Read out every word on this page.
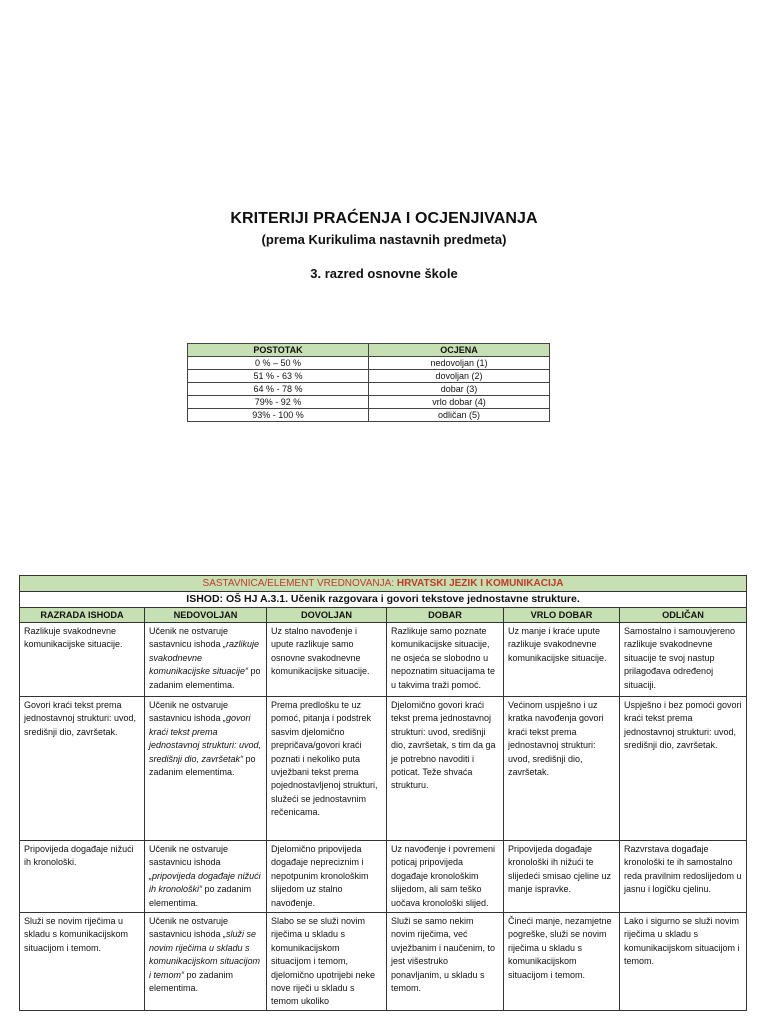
KRITERIJI PRAĆENJA I OCJENJIVANJA
(prema Kurikulima nastavnih predmeta)
3. razred osnovne škole
POSTOTAK	OCJENA
0 % – 50 %	nedovoljan (1)
51 % - 63 %	dovoljan (2)
64 % - 78 %	dobar (3)
79% - 92 %	vrlo dobar (4)
93% - 100 %	odličan (5)
SASTAVNICA/ELEMENT VREDNOVANJA: HRVATSKI JEZIK I KOMUNIKACIJA					
ISHOD: OŠ HJ A.3.1. Učenik razgovara i govori tekstove jednostavne strukture.					
RAZRADA ISHODA	NEDOVOLJAN	DOVOLJAN	DOBAR	VRLO DOBAR	ODLIČAN
Razlikuje svakodnevne komunikacijske situacije.	Učenik ne ostvaruje sastavnicu ishoda „razlikuje svakodnevne komunikacijske situacije“ po zadanim elementima.	Uz stalno navođenje i upute razlikuje samo osnovne svakodnevne komunikacijske situacije.	Razlikuje samo poznate komunikacijske situacije, ne osjeća se slobodno u nepoznatim situacijama te u takvima traži pomoć.	Uz manje i kraće upute razlikuje svakodnevne komunikacijske situacije.	Samostalno i samouvjereno razlikuje svakodnevne situacije te svoj nastup prilagođava određenoj situaciji.
Govori kraći tekst prema jednostavnoj strukturi: uvod, središnji dio, završetak.	Učenik ne ostvaruje sastavnicu ishoda „govori kraći tekst prema jednostavnoj strukturi: uvod, središnji dio, završetak“ po zadanim elementima.	Prema predlošku te uz pomoć, pitanja i podstrek sasvim djelomično prepričava/govori kraći poznati i nekoliko puta uvježbani tekst prema pojednostavljenoj strukturi, služeći se jednostavnim rečenicama.	Djelomično govori kraći tekst prema jednostavnoj strukturi: uvod, središnji dio, završetak, s tim da ga je potrebno navoditi i poticat. Teže shvaća strukturu.	Većinom uspješno i uz kratka navođenja govori kraći tekst prema jednostavnoj strukturi: uvod, središnji dio, završetak.	Uspješno i bez pomoći govori kraći tekst prema jednostavnoj strukturi: uvod, središnji dio, završetak.
Pripovijeda događaje nižući ih kronološki.	Učenik ne ostvaruje sastavnicu ishoda „pripovijeda događaje nižući ih kronološki“ po zadanim elementima.	Djelomično pripovijeda događaje nepreciznim i nepotpunim kronološkim slijedom uz stalno navođenje.	Uz navođenje i povremeni poticaj pripovijeda događaje kronološkim slijedom, ali sam teško uočava kronološki slijed.	Pripovijeda događaje kronološki ih nižući te slijedeći smisao cjeline uz manje ispravke.	Razvrstava događaje kronološki te ih samostalno reda pravilnim redoslijedom u jasnu i logičku cjelinu.
Služi se novim riječima u skladu s komunikacijskom situacijom i temom.	Učenik ne ostvaruje sastavnicu ishoda „služi se novim riječima u skladu s komunikacijskom situacijom i temom“ po zadanim elementima.	Slabo se se služi novim riječima u skladu s komunikacijskom situacijom i temom, djelomično upotrijebi neke nove riječi u skladu s temom ukoliko	Služi se samo nekim novim riječima, već uvježbanim i naučenim, to jest višestruko ponavljanim, u skladu s temom.	Čineći manje, nezamjetne pogreške, služi se novim riječima u skladu s komunikacijskom situacijom i temom.	Lako i sigurno se služi novim riječima u skladu s komunikacijskom situacijom i temom.
